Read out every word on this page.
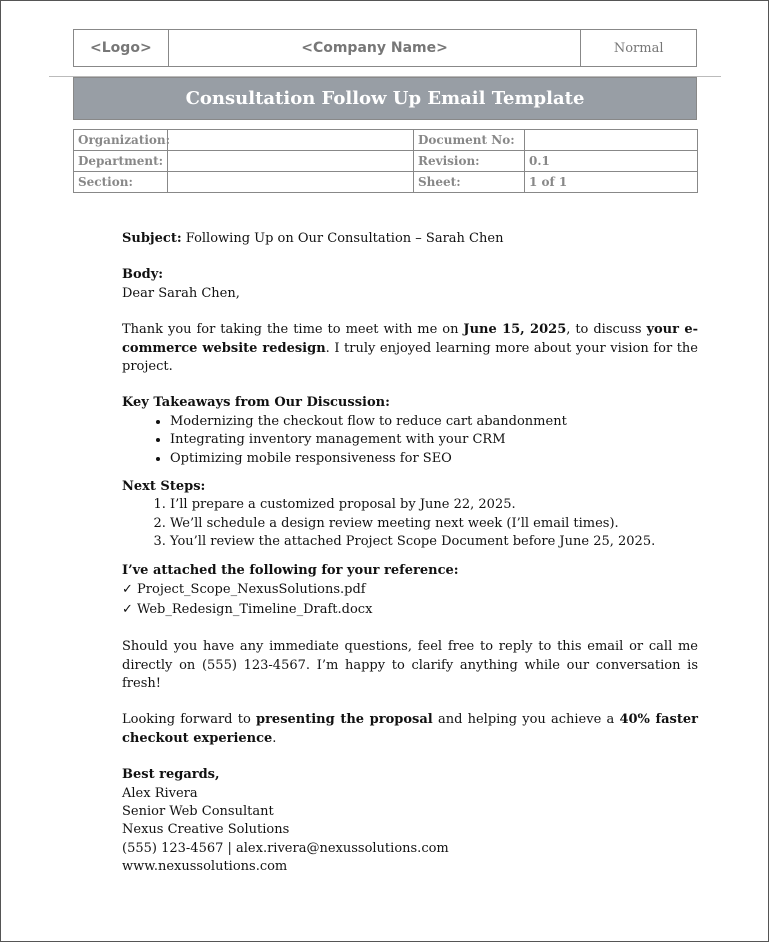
<Logo>	<Company Name>	Normal
Consultation Follow Up Email Template
Organization:		Document No:	
Department:		Revision:	0.1
Section:		Sheet:	1 of 1

Subject: Following Up on Our Consultation – Sarah Chen

Body:

Dear Sarah Chen,

Thank you for taking the time to meet with me on June 15, 2025, to discuss your e-commerce website redesign. I truly enjoyed learning more about your vision for the project.

Key Takeaways from Our Discussion:

• Modernizing the checkout flow to reduce cart abandonment
• Integrating inventory management with your CRM
• Optimizing mobile responsiveness for SEO

Next Steps:

1. I’ll prepare a customized proposal by June 22, 2025.
2. We’ll schedule a design review meeting next week (I’ll email times).
3. You’ll review the attached Project Scope Document before June 25, 2025.

I’ve attached the following for your reference:

✓ Project_Scope_NexusSolutions.pdf

✓ Web_Redesign_Timeline_Draft.docx

Should you have any immediate questions, feel free to reply to this email or call me directly on (555) 123-4567. I’m happy to clarify anything while our conversation is fresh!

Looking forward to presenting the proposal and helping you achieve a 40% faster checkout experience.

Best regards,

Alex Rivera

Senior Web Consultant

Nexus Creative Solutions

(555) 123-4567 | alex.rivera@nexussolutions.com

www.nexussolutions.com
